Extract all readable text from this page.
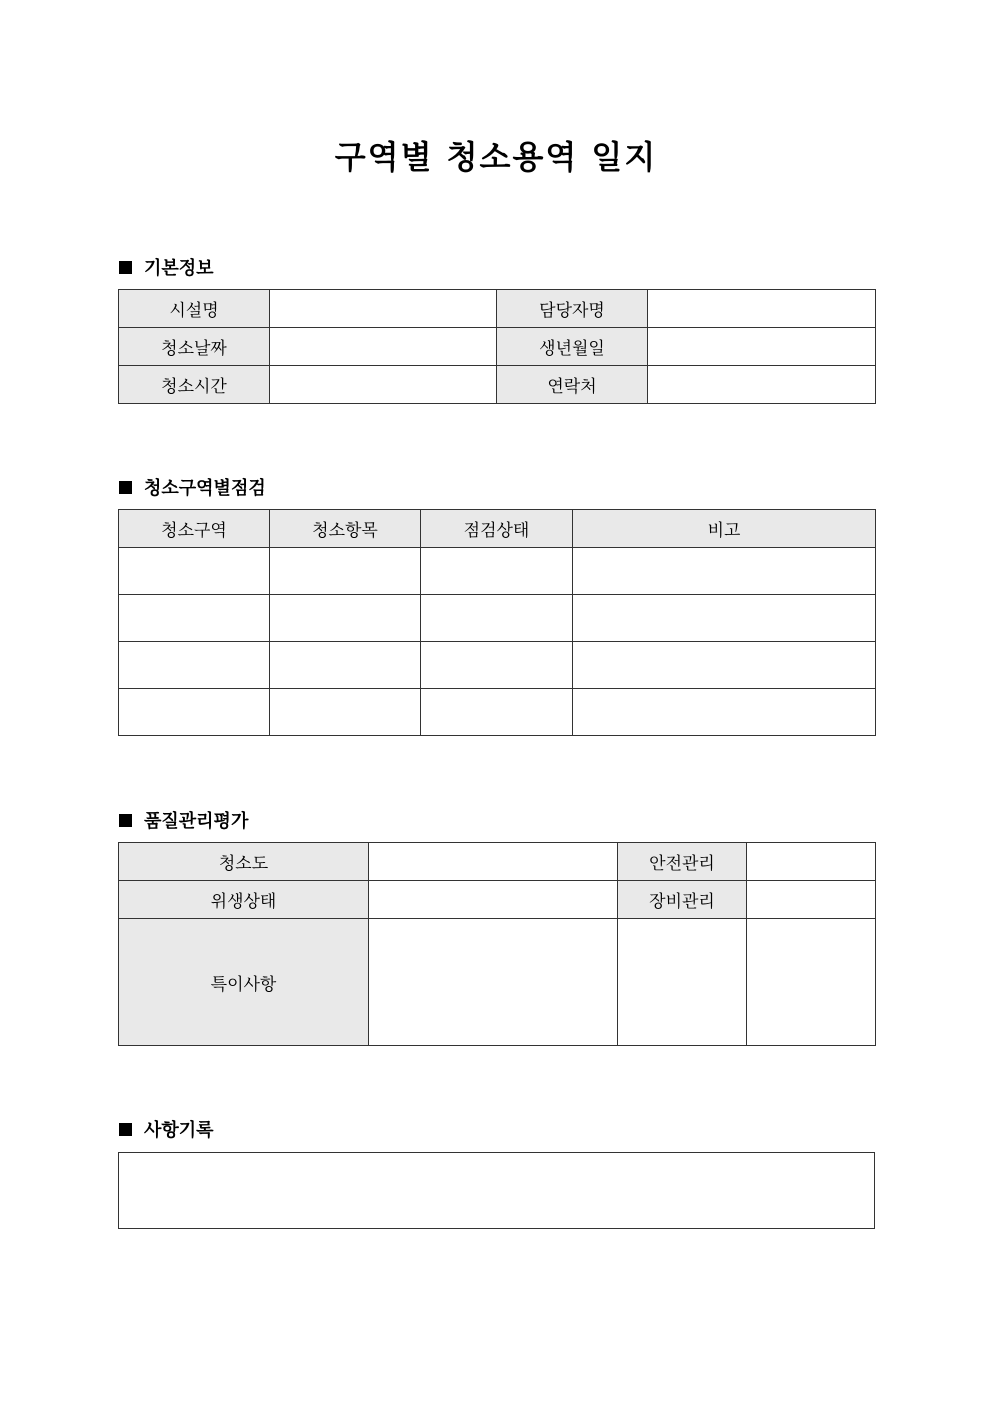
구역별 청소용역 일지
기본정보
시설명		담당자명	
청소날짜		생년월일	
청소시간		연락처	
청소구역별점검
청소구역	청소항목	점검상태	비고

품질관리평가
청소도		안전관리	
위생상태		장비관리	
특이사항			
사항기록
